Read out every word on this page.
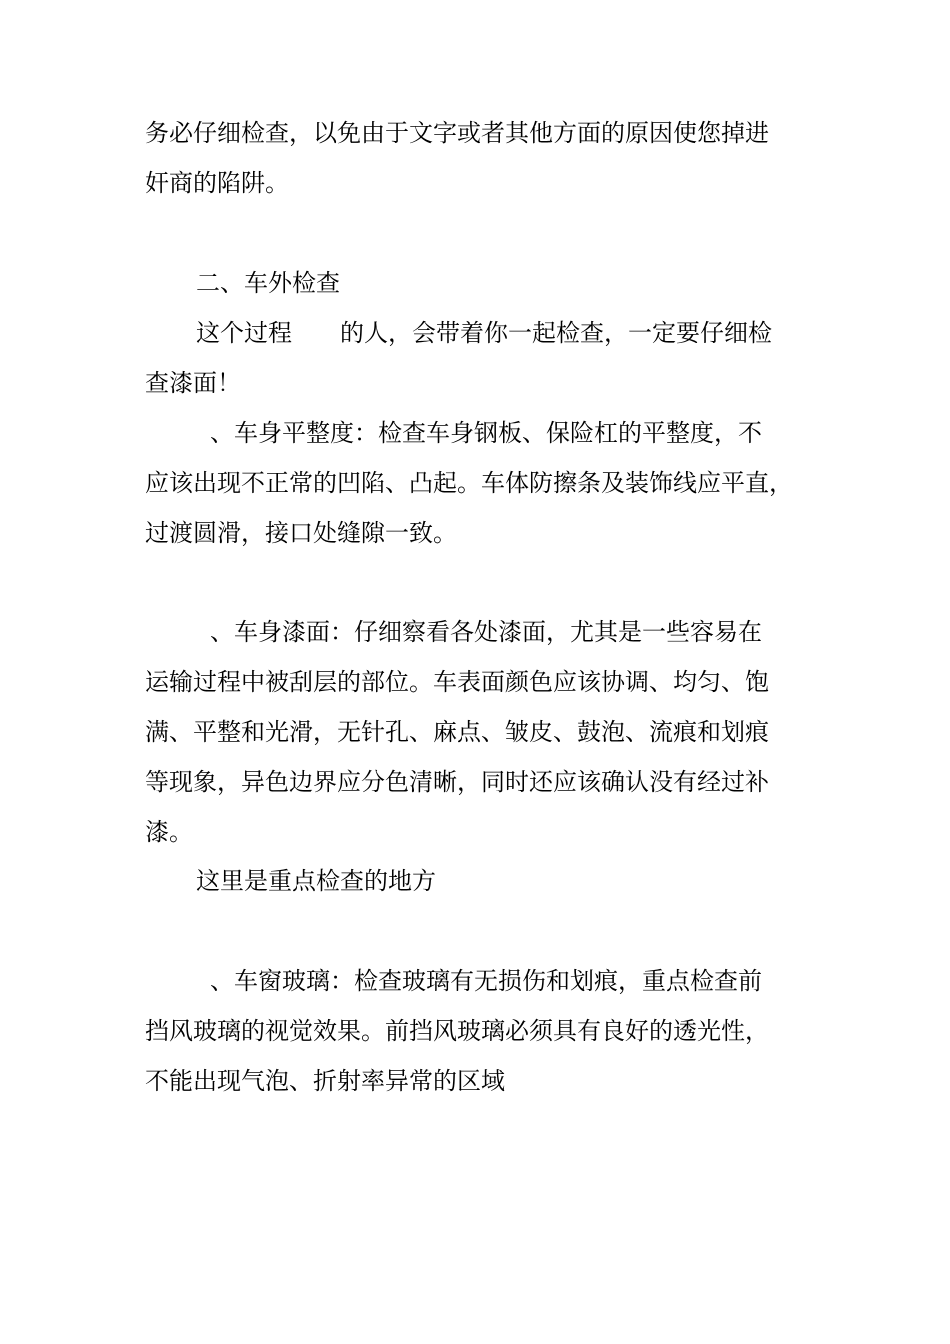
务必仔细检查，以免由于文字或者其他方面的原因使您掉进
奸商的陷阱。
二、车外检查
这个过程　　的人，会带着你一起检查，一定要仔细检
查漆面！
、车身平整度：检查车身钢板、保险杠的平整度，不
应该出现不正常的凹陷、凸起。车体防擦条及装饰线应平直，
过渡圆滑，接口处缝隙一致。
、车身漆面：仔细察看各处漆面，尤其是一些容易在
运输过程中被刮层的部位。车表面颜色应该协调、均匀、饱
满、平整和光滑，无针孔、麻点、皱皮、鼓泡、流痕和划痕
等现象，异色边界应分色清晰，同时还应该确认没有经过补
漆。
这里是重点检查的地方
、车窗玻璃：检查玻璃有无损伤和划痕，重点检查前
挡风玻璃的视觉效果。前挡风玻璃必须具有良好的透光性，
不能出现气泡、折射率异常的区域
